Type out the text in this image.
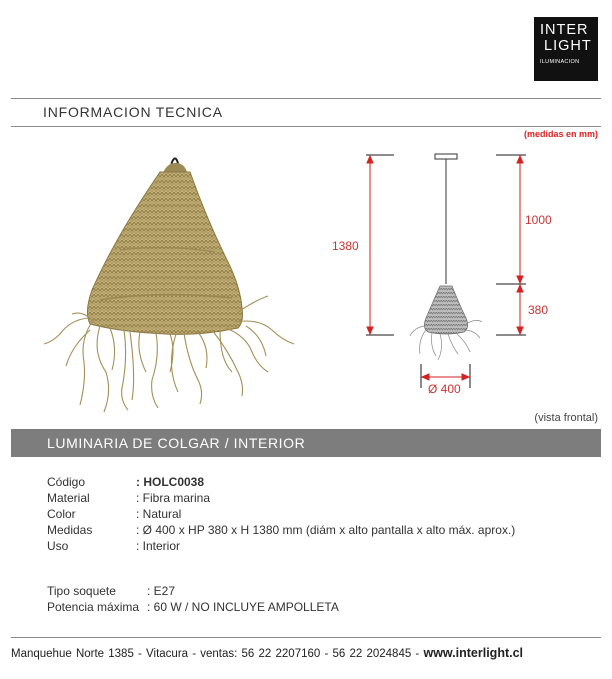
INTER
LIGHT
ILUMINACION
INFORMACION TECNICA
(medidas en mm)
1380
1000
380
Ø 400
(vista frontal)
LUMINARIA DE COLGAR / INTERIOR
Código	: HOLC0038
Material	: Fibra marina
Color	: Natural
Medidas	: Ø 400 x HP 380 x H 1380 mm (diám x alto pantalla x alto máx. aprox.)
Uso	: Interior
Tipo soquete	: E27
Potencia máxima : 60 W / NO INCLUYE AMPOLLETA
Manquehue Norte 1385 - Vitacura - ventas: 56 22 2207160 - 56 22 2024845 - www.interlight.cl
